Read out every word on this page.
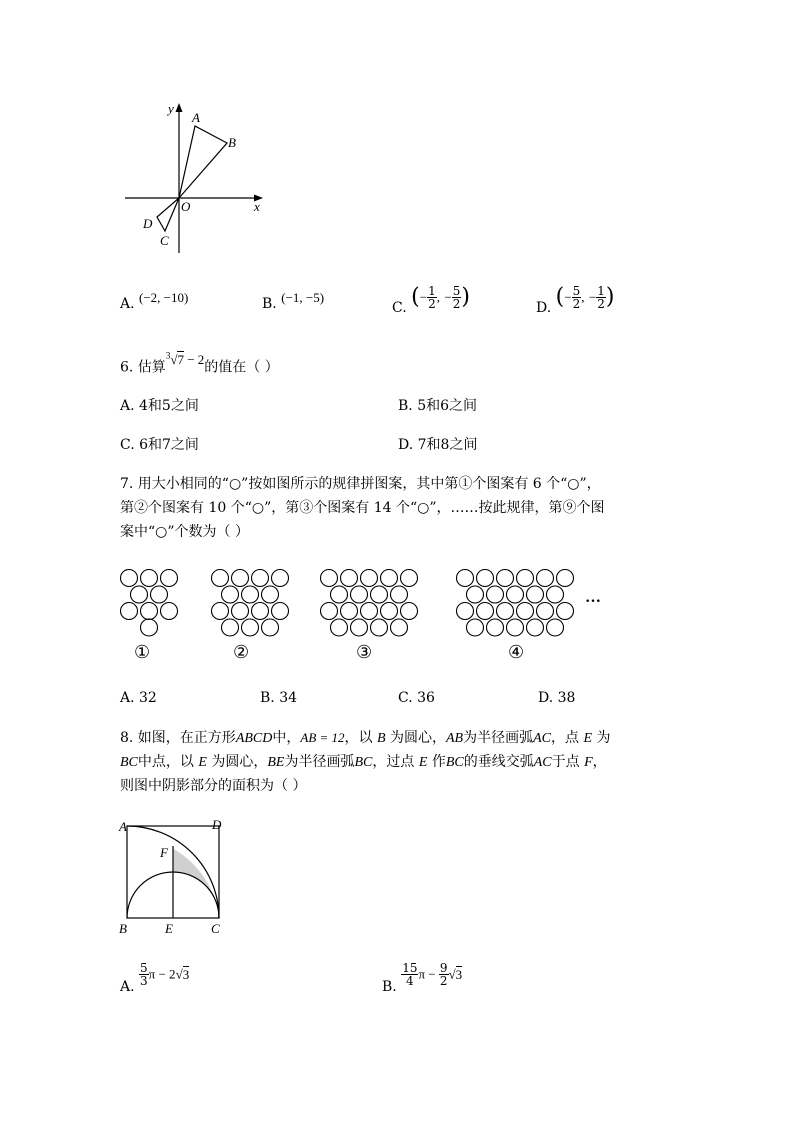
y
x
O
A
B
C
D
A. (−2, −10)	B. (−1, −5)
C. (− $\frac{1}{2}$ , − $\frac{5}{2}$ )	D. (− $\frac{5}{2}$ , − $\frac{1}{2}$ )
6. 估算$^3$√7 − 2的值在（ ）
A. 4和5之间	B. 5和6之间
C. 6和7之间	D. 7和8之间
7. 用大小相同的“○”按如图所示的规律拼图案，其中第①个图案有 6 个“○”，
第②个图案有 10 个“○”，第③个图案有 14 个“○”，……按此规律，第⑨个图
案中“○”个数为（ ）
①	②	③	④
···
A. 32	B. 34	C. 36	D. 38
8. 如图，在正方形ABCD中，AB = 12，以 B 为圆心，AB为半径画弧AC，点 E 为
BC中点，以 E 为圆心，BE为半径画弧BC，过点 E 作BC的垂线交弧AC于点 F，
则图中阴影部分的面积为（ ）
A	D
F
B	E	C
A. $\frac{5}{3}$ π − 2√3
B. $\frac{15}{4}$ $\pi - \frac{9}{2} √3$
